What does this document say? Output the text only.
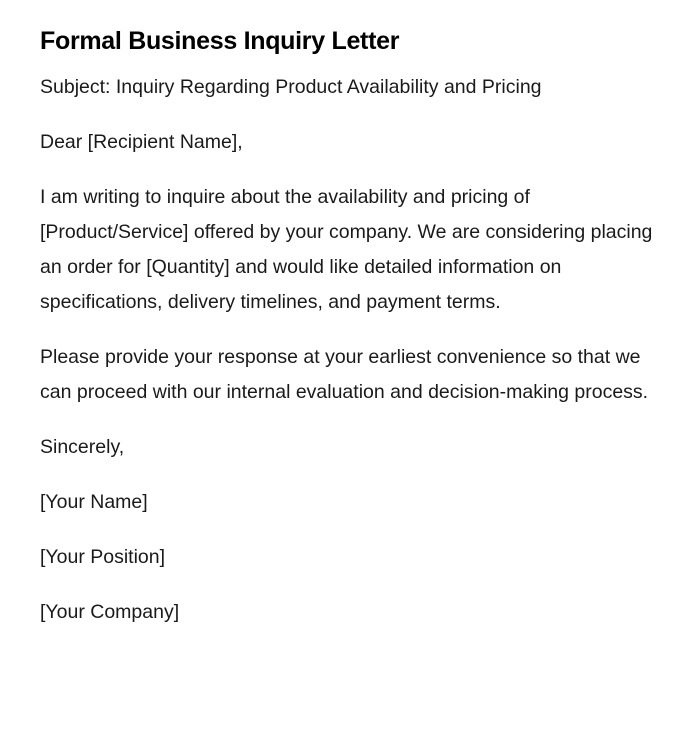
Formal Business Inquiry Letter

Subject: Inquiry Regarding Product Availability and Pricing

Dear [Recipient Name],

I am writing to inquire about the availability and pricing of [Product/Service] offered by your company. We are considering placing an order for [Quantity] and would like detailed information on specifications, delivery timelines, and payment terms.

Please provide your response at your earliest convenience so that we can proceed with our internal evaluation and decision-making process.

Sincerely,

[Your Name]

[Your Position]

[Your Company]
